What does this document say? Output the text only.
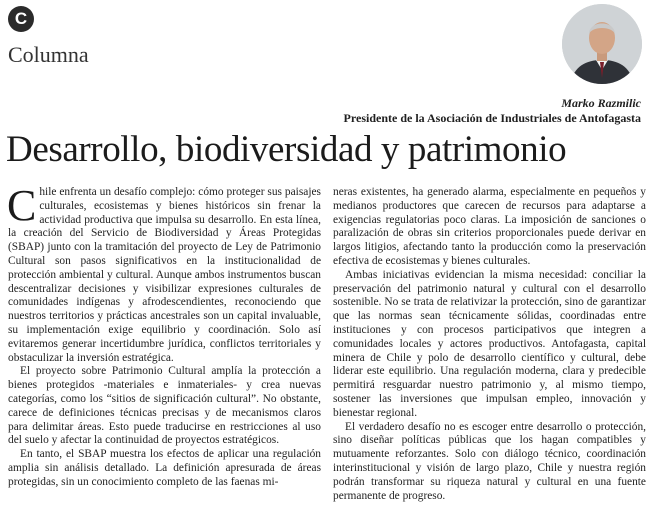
C
Columna
Marko Razmilic
Presidente de la Asociación de Industriales de Antofagasta
Desarrollo, biodiversidad y patrimonio

Chile enfrenta un desafío complejo: cómo proteger sus paisajes culturales, ecosistemas y bienes históricos sin frenar la actividad productiva que impulsa su desarrollo. En esta línea, la creación del Servicio de Biodiversidad y Áreas Protegidas (SBAP) junto con la tramitación del proyecto de Ley de Patrimonio Cultural son pasos significativos en la institucionalidad de protección ambiental y cultural. Aunque ambos instrumentos buscan descentralizar decisiones y visibilizar expresiones culturales de comunidades indígenas y afrodescendientes, reconociendo que nuestros territorios y prácticas ancestrales son un capital invaluable, su implementación exige equilibrio y coordinación. Solo así evitaremos generar incertidumbre jurídica, conflictos territoriales y obstaculizar la inversión estratégica.

El proyecto sobre Patrimonio Cultural amplía la protección a bienes protegidos -materiales e inmateriales- y crea nuevas categorías, como los “sitios de significación cultural”. No obstante, carece de definiciones técnicas precisas y de mecanismos claros para delimitar áreas. Esto puede traducirse en restricciones al uso del suelo y afectar la continuidad de proyectos estratégicos.

En tanto, el SBAP muestra los efectos de aplicar una regulación amplia sin análisis detallado. La definición apresurada de áreas protegidas, sin un conocimiento completo de las faenas mi-

neras existentes, ha generado alarma, especialmente en pequeños y medianos productores que carecen de recursos para adaptarse a exigencias regulatorias poco claras. La imposición de sanciones o paralización de obras sin criterios proporcionales puede derivar en largos litigios, afectando tanto la producción como la preservación efectiva de ecosistemas y bienes culturales.

Ambas iniciativas evidencian la misma necesidad: conciliar la preservación del patrimonio natural y cultural con el desarrollo sostenible. No se trata de relativizar la protección, sino de garantizar que las normas sean técnicamente sólidas, coordinadas entre instituciones y con procesos participativos que integren a comunidades locales y actores productivos. Antofagasta, capital minera de Chile y polo de desarrollo científico y cultural, debe liderar este equilibrio. Una regulación moderna, clara y predecible permitirá resguardar nuestro patrimonio y, al mismo tiempo, sostener las inversiones que impulsan empleo, innovación y bienestar regional.

El verdadero desafío no es escoger entre desarrollo o protección, sino diseñar políticas públicas que los hagan compatibles y mutuamente reforzantes. Solo con diálogo técnico, coordinación interinstitucional y visión de largo plazo, Chile y nuestra región podrán transformar su riqueza natural y cultural en una fuente permanente de progreso.
